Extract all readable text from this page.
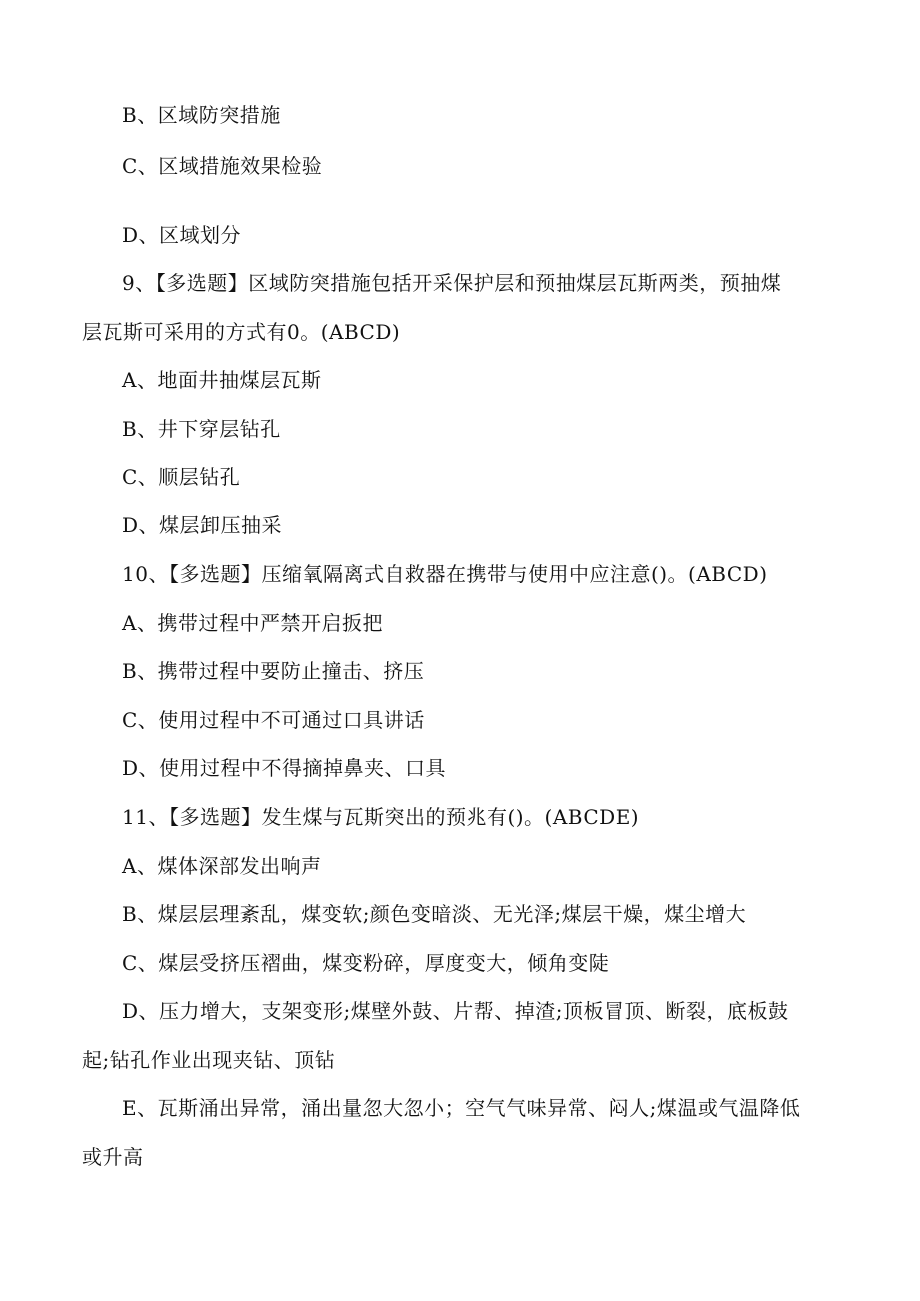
B、区域防突措施
C、区域措施效果检验
D、区域划分
9、【多选题】区域防突措施包括开采保护层和预抽煤层瓦斯两类，预抽煤
层瓦斯可采用的方式有0。(ABCD)
A、地面井抽煤层瓦斯
B、井下穿层钻孔
C、顺层钻孔
D、煤层卸压抽采
10、【多选题】压缩氧隔离式自救器在携带与使用中应注意()。(ABCD)
A、携带过程中严禁开启扳把
B、携带过程中要防止撞击、挤压
C、使用过程中不可通过口具讲话
D、使用过程中不得摘掉鼻夹、口具
11、【多选题】发生煤与瓦斯突出的预兆有()。(ABCDE)
A、煤体深部发出响声
B、煤层层理紊乱，煤变软;颜色变暗淡、无光泽;煤层干燥，煤尘增大
C、煤层受挤压褶曲，煤变粉碎，厚度变大，倾角变陡
D、压力增大，支架变形;煤壁外鼓、片帮、掉渣;顶板冒顶、断裂，底板鼓
起;钻孔作业出现夹钻、顶钻
E、瓦斯涌出异常，涌出量忽大忽小；空气气味异常、闷人;煤温或气温降低
或升高
